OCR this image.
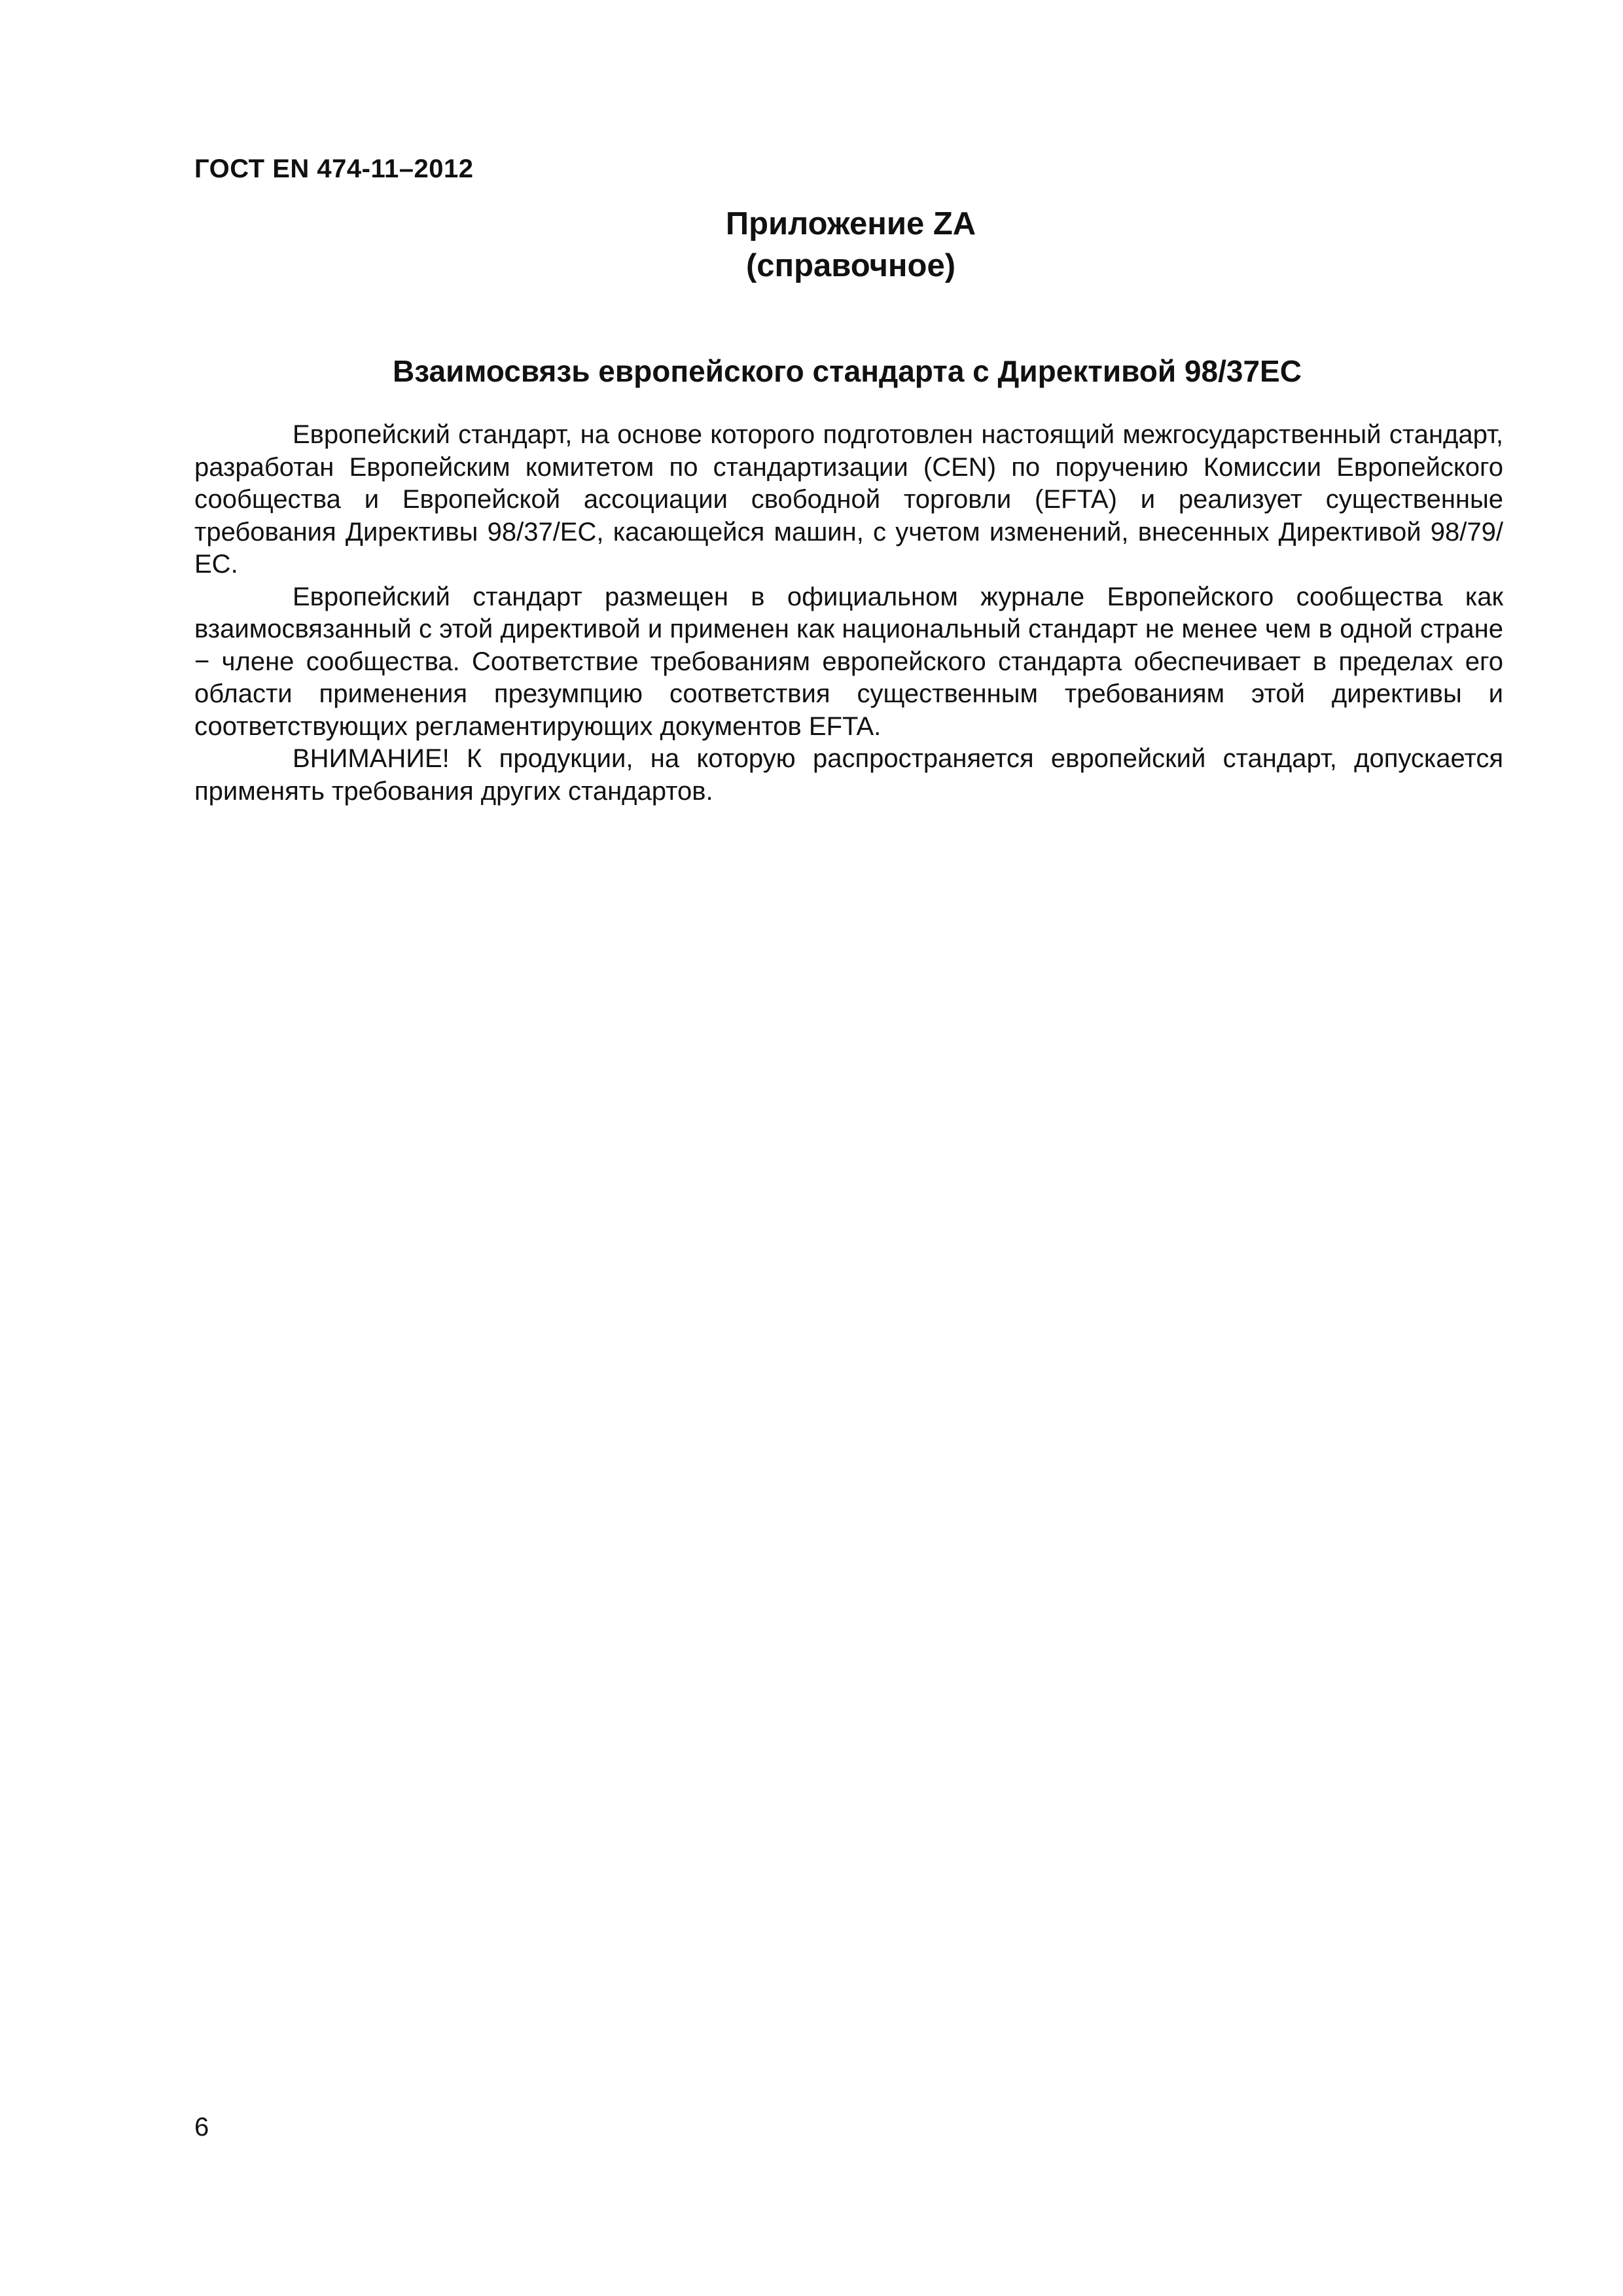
ГОСТ EN 474-11–2012
Приложение ZA
(справочное)
Взаимосвязь европейского стандарта с Директивой 98/37ЕС

Европейский стандарт, на основе которого подготовлен настоящий межгосударственный стандарт, разработан Европейским комитетом по стандартизации (CEN) по поручению Комиссии Европейского сообщества и Европейской ассоциации свободной торговли (EFTA) и реализует существенные требования Директивы 98/37/ЕС, касающейся машин, с учетом изменений, внесенных Директивой 98/79/ЕС.

Европейский стандарт размещен в официальном журнале Европейского сообщества как взаимосвязанный с этой директивой и применен как национальный стандарт не менее чем в одной стране − члене сообщества. Соответствие требованиям европейского стандарта обеспечивает в пределах его области применения презумпцию соответствия существенным требованиям этой директивы и соответствующих регламентирующих документов EFTA.

ВНИМАНИЕ! К продукции, на которую распространяется европейский стандарт, допускается применять требования других стандартов.

6
